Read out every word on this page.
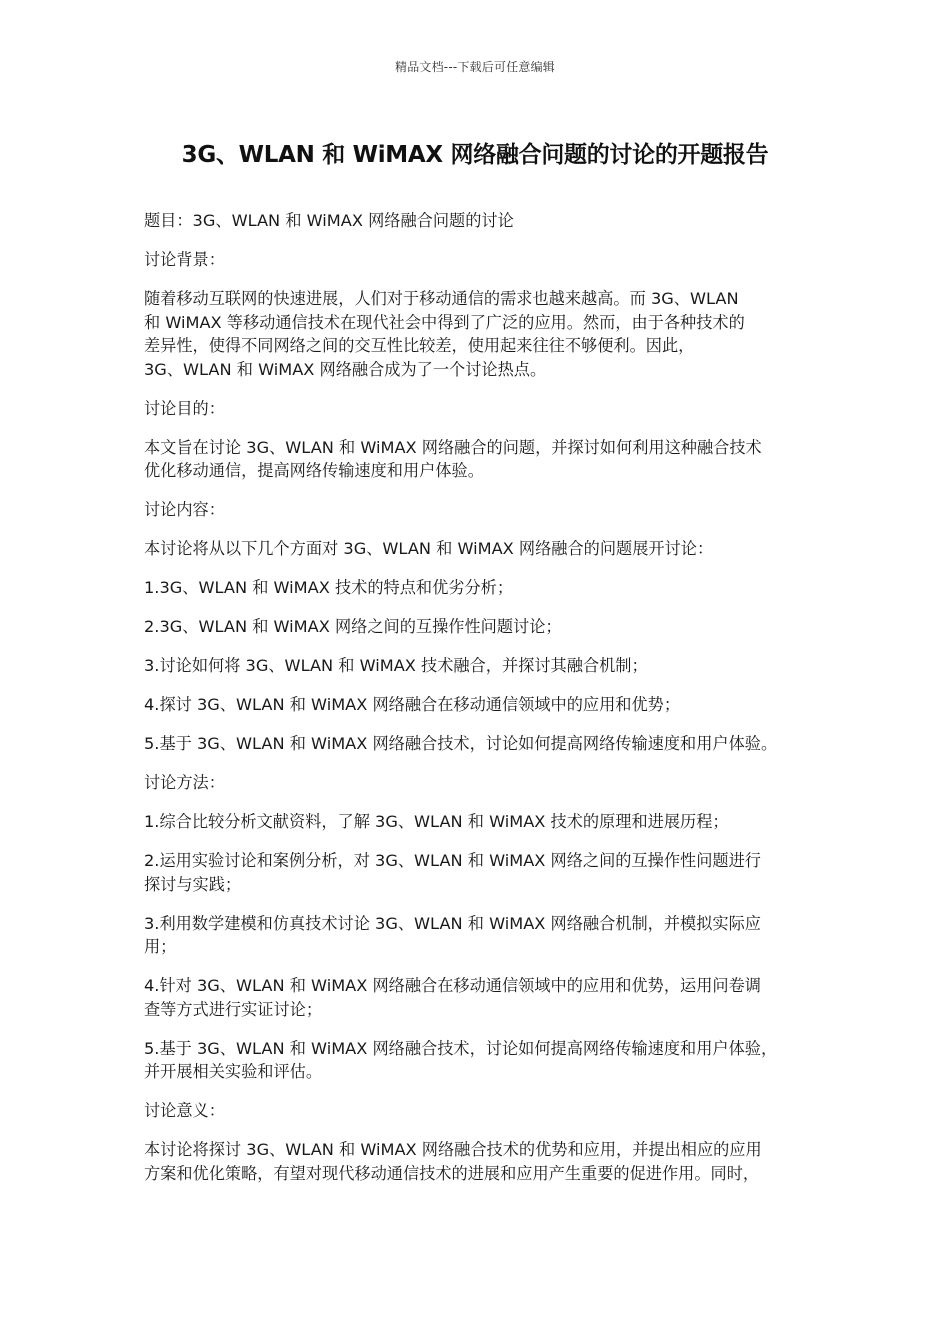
精品文档---下载后可任意编辑
3G、WLAN 和 WiMAX 网络融合问题的讨论的开题报告

题目：3G、WLAN 和 WiMAX 网络融合问题的讨论

讨论背景：

随着移动互联网的快速进展，人们对于移动通信的需求也越来越高。而 3G、WLAN
和 WiMAX 等移动通信技术在现代社会中得到了广泛的应用。然而，由于各种技术的
差异性，使得不同网络之间的交互性比较差，使用起来往往不够便利。因此，
3G、WLAN 和 WiMAX 网络融合成为了一个讨论热点。

讨论目的：

本文旨在讨论 3G、WLAN 和 WiMAX 网络融合的问题，并探讨如何利用这种融合技术
优化移动通信，提高网络传输速度和用户体验。

讨论内容：

本讨论将从以下几个方面对 3G、WLAN 和 WiMAX 网络融合的问题展开讨论：

1.3G、WLAN 和 WiMAX 技术的特点和优劣分析；

2.3G、WLAN 和 WiMAX 网络之间的互操作性问题讨论；

3.讨论如何将 3G、WLAN 和 WiMAX 技术融合，并探讨其融合机制；

4.探讨 3G、WLAN 和 WiMAX 网络融合在移动通信领域中的应用和优势；

5.基于 3G、WLAN 和 WiMAX 网络融合技术，讨论如何提高网络传输速度和用户体验。

讨论方法：

1.综合比较分析文献资料，了解 3G、WLAN 和 WiMAX 技术的原理和进展历程；

2.运用实验讨论和案例分析，对 3G、WLAN 和 WiMAX 网络之间的互操作性问题进行
探讨与实践；

3.利用数学建模和仿真技术讨论 3G、WLAN 和 WiMAX 网络融合机制，并模拟实际应
用；

4.针对 3G、WLAN 和 WiMAX 网络融合在移动通信领域中的应用和优势，运用问卷调
查等方式进行实证讨论；

5.基于 3G、WLAN 和 WiMAX 网络融合技术，讨论如何提高网络传输速度和用户体验，
并开展相关实验和评估。

讨论意义：

本讨论将探讨 3G、WLAN 和 WiMAX 网络融合技术的优势和应用，并提出相应的应用
方案和优化策略，有望对现代移动通信技术的进展和应用产生重要的促进作用。同时，
